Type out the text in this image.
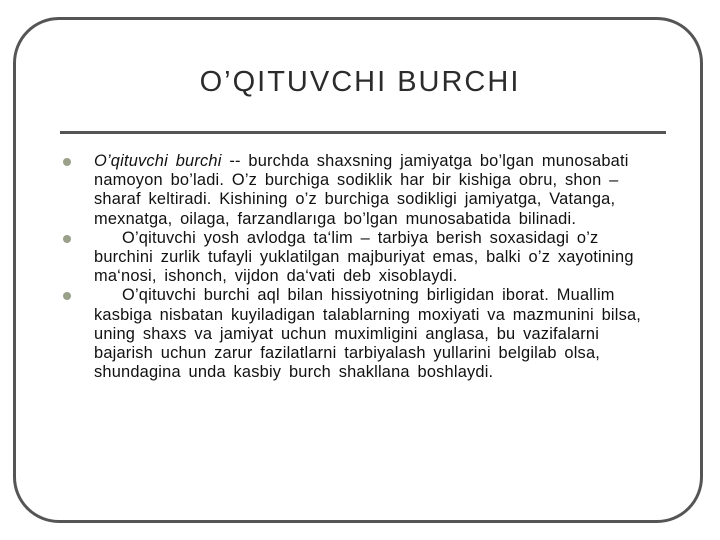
O’QITUVCHI BURCHI
O’qituvchi burchi -- burchda shaxsning jamiyatga bo’lgan munosabati namoyon bo’ladi. O’z burchiga sodiklik har bir kishiga obru, shon – sharaf keltiradi. Kishining o’z burchiga sodikligi jamiyatga, Vatanga, mexnatga, oilaga, farzandlarıga bo’lgan munosabatida bilinadi.
O’qituvchi yosh avlodga ta‘lim – tarbiya berish soxasidagi o’z burchini zurlik tufayli yuklatilgan majburiyat emas, balki o’z xayotining ma‘nosi, ishonch, vijdon da‘vati deb xisoblaydi.
O’qituvchi burchi aql bilan hissiyotning birligidan iborat. Muallim kasbiga nisbatan kuyiladigan talablarning moxiyati va mazmunini bilsa, uning shaxs va jamiyat uchun muximligini anglasa, bu vazifalarni bajarish uchun zarur fazilatlarni tarbiyalash yullarini belgilab olsa, shundagina unda kasbiy burch shakllana boshlaydi.
